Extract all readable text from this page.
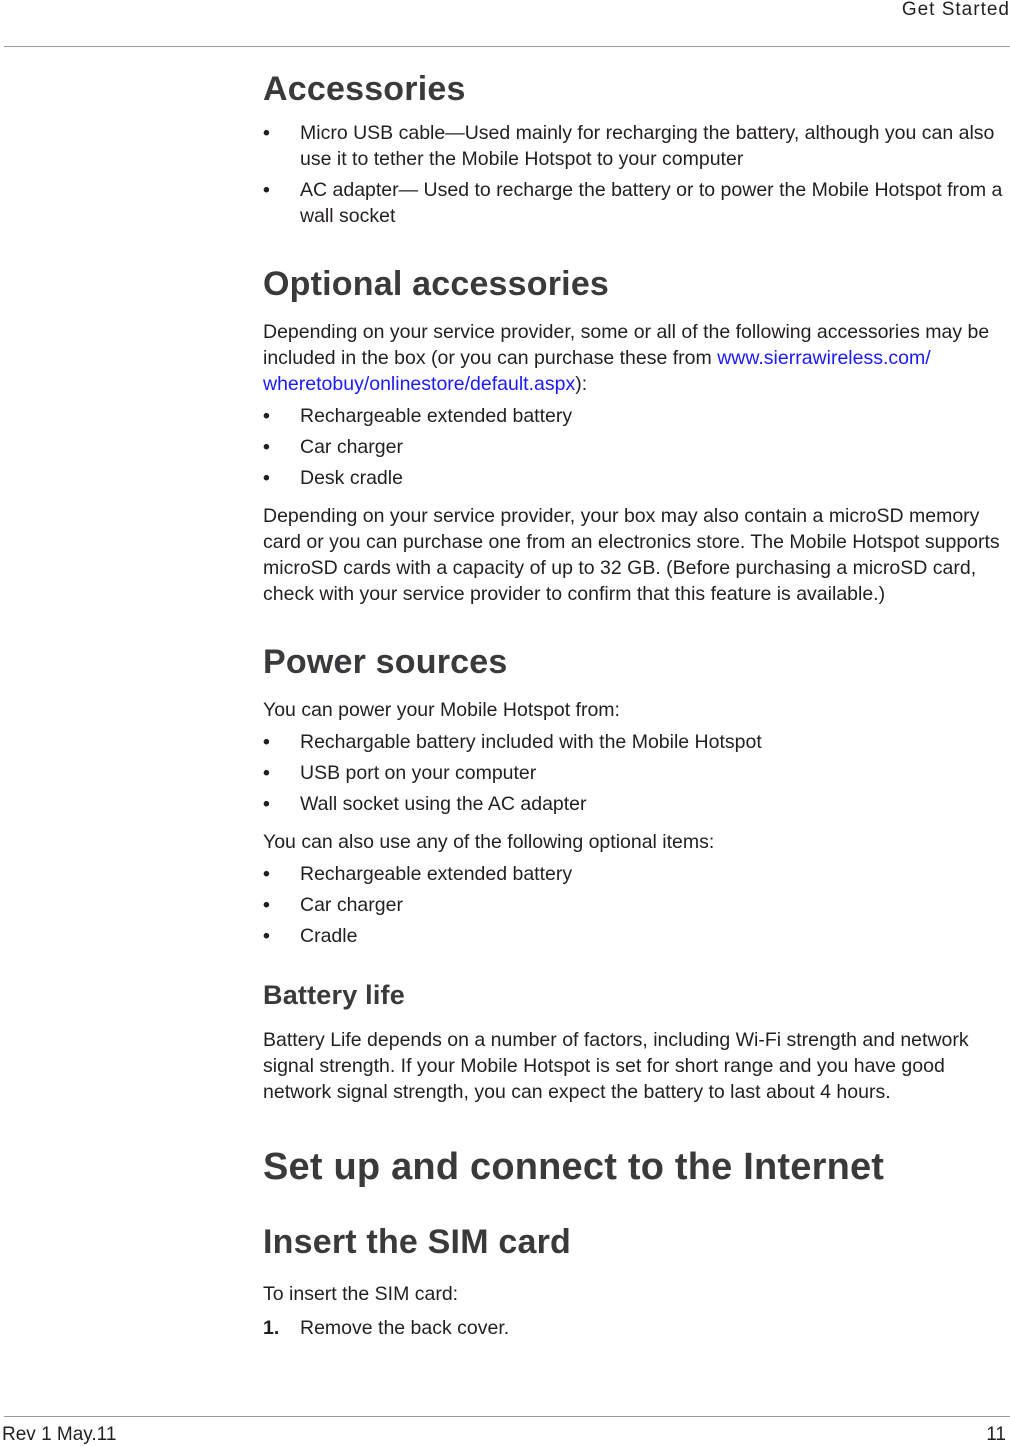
Get Started
Accessories
• Micro USB cable—Used mainly for recharging the battery, although you can also use it to tether the Mobile Hotspot to your computer
• AC adapter— Used to recharge the battery or to power the Mobile Hotspot from a wall socket
Optional accessories

Depending on your service provider, some or all of the following accessories may be included in the box (or you can purchase these from www.sierrawireless.com/ wheretobuy/onlinestore/default.aspx):

• Rechargeable extended battery
• Car charger
• Desk cradle

Depending on your service provider, your box may also contain a microSD memory card or you can purchase one from an electronics store. The Mobile Hotspot supports microSD cards with a capacity of up to 32 GB. (Before purchasing a microSD card, check with your service provider to confirm that this feature is available.)

Power sources

You can power your Mobile Hotspot from:

• Rechargable battery included with the Mobile Hotspot
• USB port on your computer
• Wall socket using the AC adapter

You can also use any of the following optional items:

• Rechargeable extended battery
• Car charger
• Cradle
Battery life

Battery Life depends on a number of factors, including Wi-Fi strength and network signal strength. If your Mobile Hotspot is set for short range and you have good network signal strength, you can expect the battery to last about 4 hours.

Set up and connect to the Internet
Insert the SIM card

To insert the SIM card:

1. Remove the back cover.
Rev 1 May.11	11
